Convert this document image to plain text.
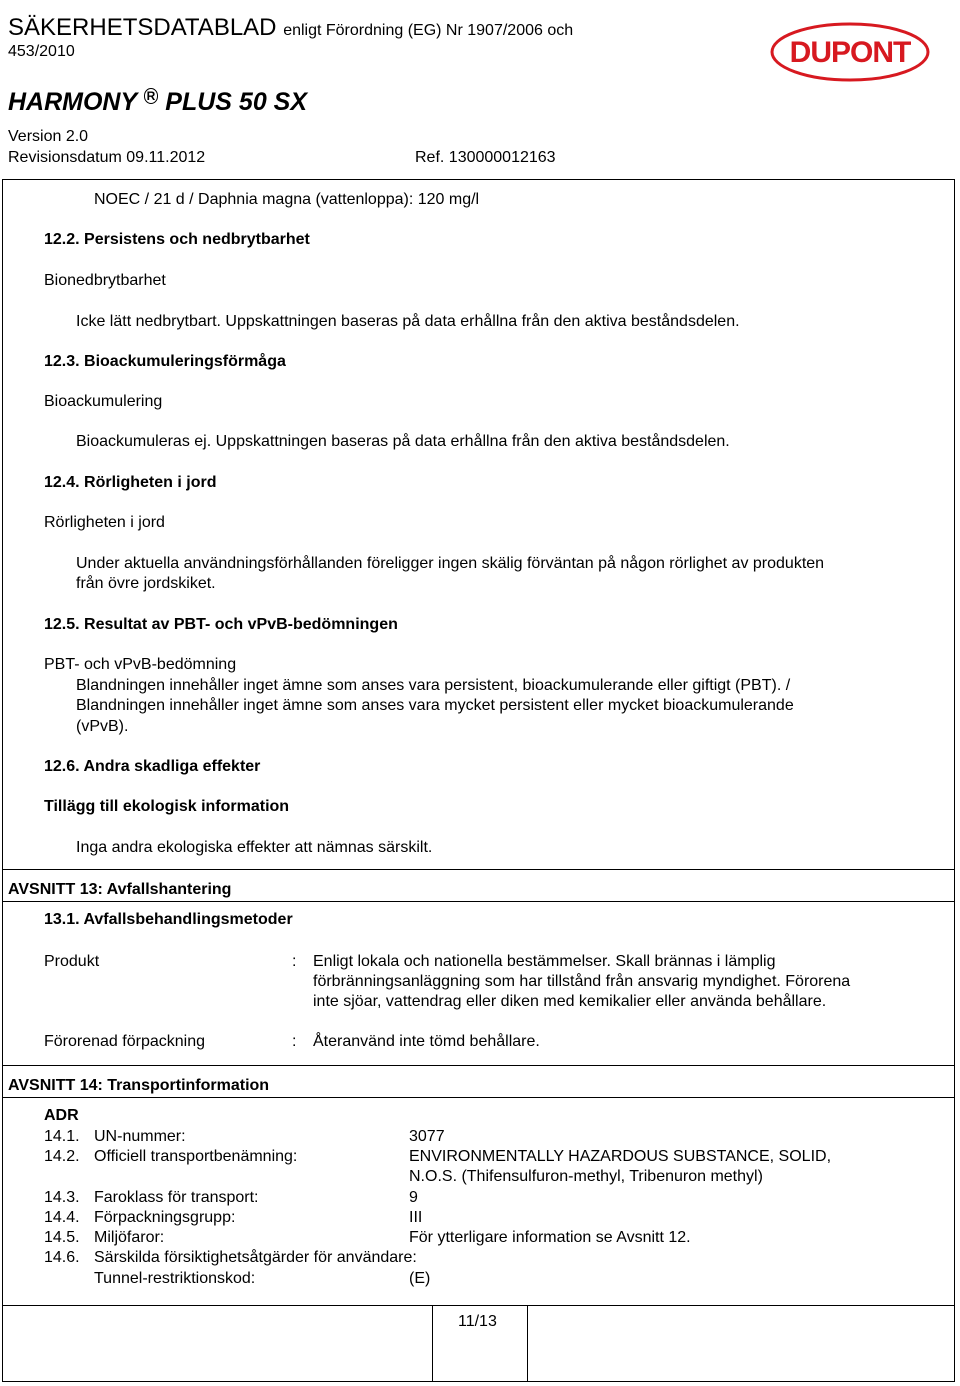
SÄKERHETSDATABLAD enligt Förordning (EG) Nr 1907/2006 och
453/2010
HARMONY $^R$ PLUS 50 SX
Version 2.0
Revisionsdatum 09.11.2012	Ref. 130000012163
DUPONT
NOEC / 21 d / Daphnia magna (vattenloppa): 120 mg/l
12.2. Persistens och nedbrytbarhet
Bionedbrytbarhet
Icke lätt nedbrytbart. Uppskattningen baseras på data erhållna från den aktiva beståndsdelen.
12.3. Bioackumuleringsförmåga
Bioackumulering
Bioackumuleras ej. Uppskattningen baseras på data erhållna från den aktiva beståndsdelen.
12.4. Rörligheten i jord
Rörligheten i jord
Under aktuella användningsförhållanden föreligger ingen skälig förväntan på någon rörlighet av produkten
från övre jordskiket.
12.5. Resultat av PBT- och vPvB-bedömningen
PBT- och vPvB-bedömning
Blandningen innehåller inget ämne som anses vara persistent, bioackumulerande eller giftigt (PBT). /
Blandningen innehåller inget ämne som anses vara mycket persistent eller mycket bioackumulerande
(vPvB).
12.6. Andra skadliga effekter
Tillägg till ekologisk information
Inga andra ekologiska effekter att nämnas särskilt.
AVSNITT 13: Avfallshantering
13.1. Avfallsbehandlingsmetoder
Produkt	: Enligt lokala och nationella bestämmelser. Skall brännas i lämplig
förbränningsanläggning som har tillstånd från ansvarig myndighet. Förorena
inte sjöar, vattendrag eller diken med kemikalier eller använda behållare.
Förorenad förpackning	: Återanvänd inte tömd behållare.
AVSNITT 14: Transportinformation
ADR
14.1. UN-nummer:	3077
14.2. Officiell transportbenämning:	ENVIRONMENTALLY HAZARDOUS SUBSTANCE, SOLID,
N.O.S. (Thifensulfuron-methyl, Tribenuron methyl)
14.3. Faroklass för transport:	9
14.4. Förpackningsgrupp:	III
14.5. Miljöfaror:	För ytterligare information se Avsnitt 12.
14.6. Särskilda försiktighetsåtgärder för användare:
Tunnel-restriktionskod:	(E)
11/13
